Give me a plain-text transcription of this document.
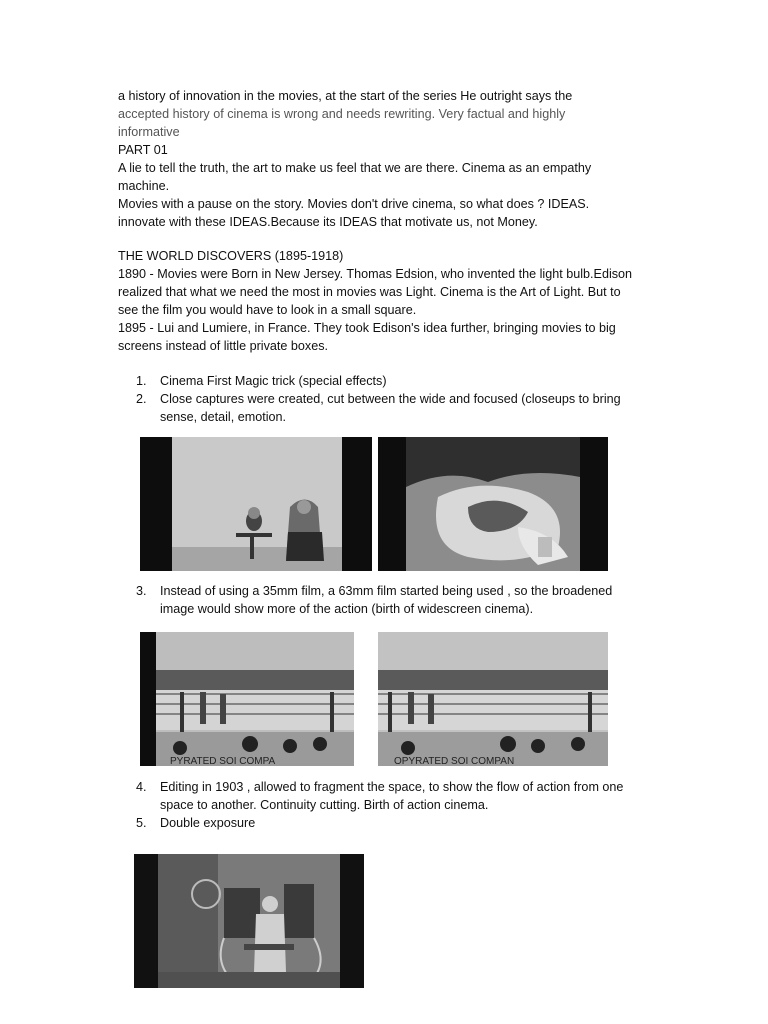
a history of innovation in the movies, at the start of the series He outright says the
accepted history of cinema is wrong and needs rewriting. Very factual and highly
informative
PART 01
A lie to tell the truth, the art to make us feel that we are there. Cinema as an empathy
machine.
Movies with a pause on the story. Movies don't drive cinema, so what does ? IDEAS.
innovate with these IDEAS.Because its IDEAS that motivate us, not Money.
THE WORLD DISCOVERS (1895-1918)
1890 - Movies were Born in New Jersey. Thomas Edsion, who invented the light bulb.Edison
realized that what we need the most in movies was Light. Cinema is the Art of Light. But to
see the film you would have to look in a small square.
1895 - Lui and Lumiere, in France. They took Edison's idea further, bringing movies to big
screens instead of little private boxes.
1.	Cinema First Magic trick (special effects)
2.	Close captures were created, cut between the wide and focused (closeups to bring
sense, detail, emotion.
3.	Instead of using a 35mm film, a 63mm film started being used , so the broadened
image would show more of the action (birth of widescreen cinema).
PYRATED SOI COMPA	OPYRATED SOI COMPAN
4.	Editing in 1903 , allowed to fragment the space, to show the flow of action from one
space to another. Continuity cutting. Birth of action cinema.
5.	Double exposure
